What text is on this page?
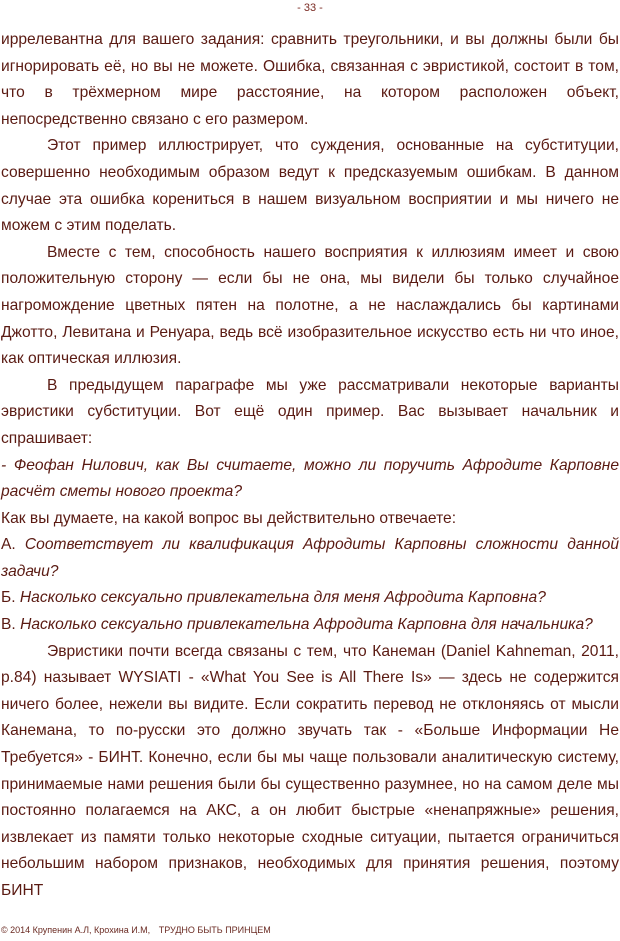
- 33 -

иррелевантна для вашего задания: сравнить треугольники, и вы должны были бы игнорировать её, но вы не можете. Ошибка, связанная с эвристикой, состоит в том, что в трёхмерном мире расстояние, на котором расположен объект, непосредственно связано с его размером.

Этот пример иллюстрирует, что суждения, основанные на субституции, совершенно необходимым образом ведут к предсказуемым ошибкам. В данном случае эта ошибка корениться в нашем визуальном восприятии и мы ничего не можем с этим поделать.

Вместе с тем, способность нашего восприятия к иллюзиям имеет и свою положительную сторону — если бы не она, мы видели бы только случайное нагромождение цветных пятен на полотне, а не наслаждались бы картинами Джотто, Левитана и Ренуара, ведь всё изобразительное искусство есть ни что иное, как оптическая иллюзия.

В предыдущем параграфе мы уже рассматривали некоторые варианты эвристики субституции. Вот ещё один пример. Вас вызывает начальник и спрашивает:

- Феофан Нилович, как Вы считаете, можно ли поручить Афродите Карповне расчёт сметы нового проекта?

Как вы думаете, на какой вопрос вы действительно отвечаете:

А. Соответствует ли квалификация Афродиты Карповны сложности данной задачи?

Б. Насколько сексуально привлекательна для меня Афродита Карповна?

В. Насколько сексуально привлекательна Афродита Карповна для начальника?

Эвристики почти всегда связаны с тем, что Канеман (Daniel Kahneman, 2011, p.84) называет WYSIATI - «What You See is All There Is» — здесь не содержится ничего более, нежели вы видите. Если сократить перевод не отклоняясь от мысли Канемана, то по-русски это должно звучать так - «Больше Информации Не Требуется» - БИНТ. Конечно, если бы мы чаще пользовали аналитическую систему, принимаемые нами решения были бы существенно разумнее, но на самом деле мы постоянно полагаемся на АКС, а он любит быстрые «ненапряжные» решения, извлекает из памяти только некоторые сходные ситуации, пытается ограничиться небольшим набором признаков, необходимых для принятия решения, поэтому БИНТ

© 2014 Крупенин А.Л, Крохина И.М, ТРУДНО БЫТЬ ПРИНЦЕМ
